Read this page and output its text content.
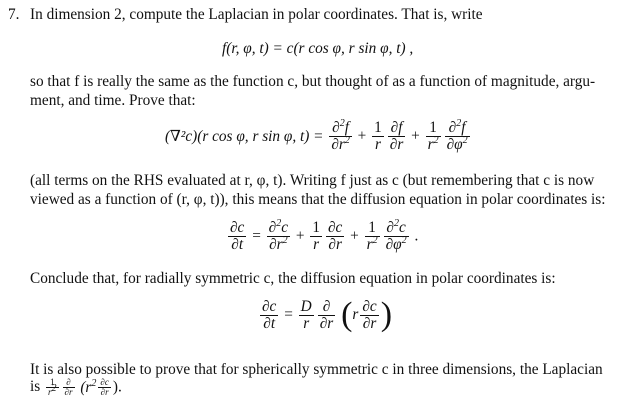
7. In dimension 2, compute the Laplacian in polar coordinates. That is, write
f(r, φ, t) = c(r cos φ, r sin φ, t) ,
so that f is really the same as the function c, but thought of as a function of magnitude, argu-
ment, and time. Prove that:
(∇²c)(r cos φ, r sin φ, $t) = \frac{\partial^2f}{\partial r^2} + \frac{1}{r} \frac{\partial f}{\partial r} + \frac{1}{r^2} \frac{\partial^2f}{\partial\varphi^2}$
(all terms on the RHS evaluated at r, φ, t). Writing f just as c (but remembering that c is now
viewed as a function of (r, φ, t)), this means that the diffusion equation in polar coordinates is:
$\frac{\partial c}{\partial t} = \frac{\partial^2c}{\partial r^2} + \frac{1}{r} \frac{\partial c}{\partial r} + \frac{1}{r^2} \frac{\partial^2c}{\partial\varphi^2}$ .
Conclude that, for radially symmetric c, the diffusion equation in polar coordinates is:
$\frac{\partial c}{\partial t} = \frac{D}{r} \frac{\partial}{\partial r} (r \frac{\partial c}{\partial r}$ )
It is also possible to prove that for spherically symmetric c in three dimensions, the Laplacian
is $\frac{1}{r^2} \frac{\partial}{\partial r} (r^2 \frac{\partial c}{\partial r}$ ).
